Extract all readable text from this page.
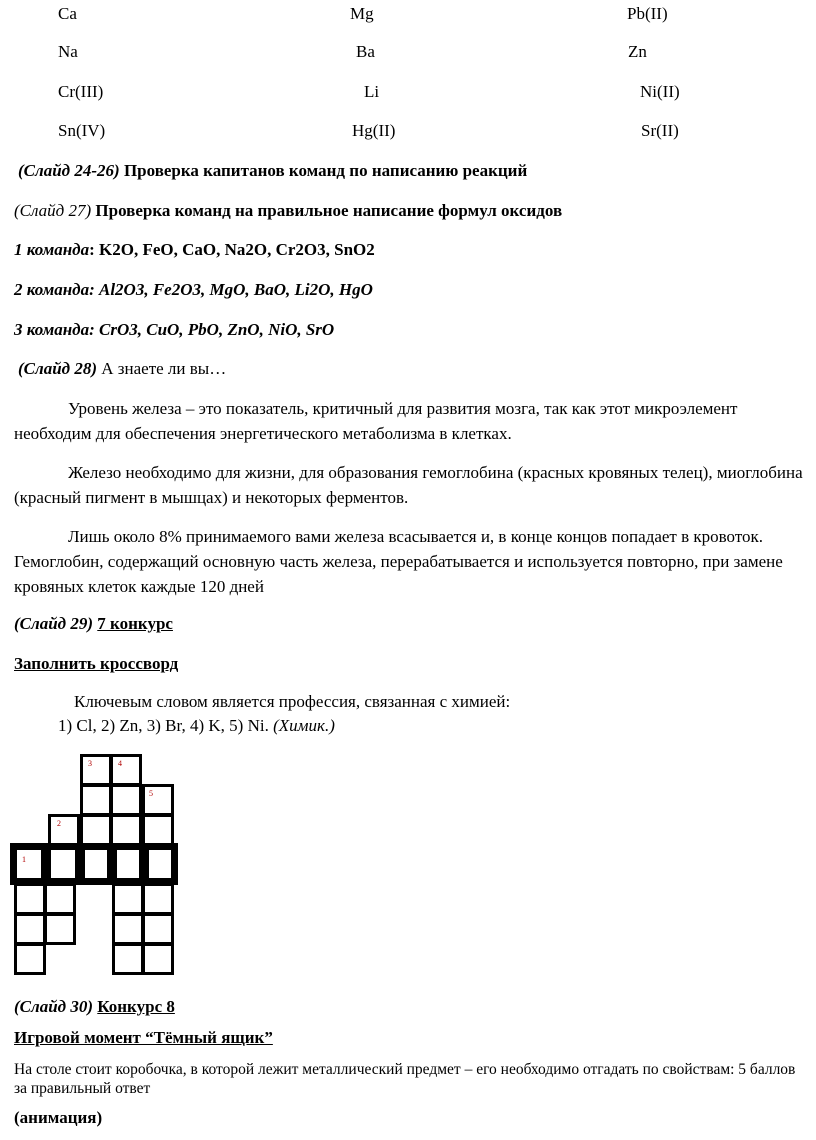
Ca	Mg	Pb(II)
Na	Ba	Zn
Cr(III)	Li	Ni(II)
Sn(IV)	Hg(II)	Sr(II)
(Слайд 24-26) Проверка капитанов команд по написанию реакций
(Слайд 27) Проверка команд на правильное написание формул оксидов
1 команда: K2O, FeO, CaO, Na2O, Cr2O3, SnO2
2 команда: Al2O3, Fe2O3, MgO, BaO, Li2O, HgO
3 команда: CrO3, CuO, PbO, ZnO, NiO, SrO
(Слайд 28) А знаете ли вы…
Уровень железа – это показатель, критичный для развития мозга, так как этот микроэлемент необходим для обеспечения энергетического метаболизма в клетках.
Железо необходимо для жизни, для образования гемоглобина (красных кровяных телец), миоглобина (красный пигмент в мышцах) и некоторых ферментов.
Лишь около 8% принимаемого вами железа всасывается и, в конце концов попадает в кровоток. Гемоглобин, содержащий основную часть железа, перерабатывается и используется повторно, при замене кровяных клеток каждые 120 дней
(Слайд 29) 7 конкурс
Заполнить кроссворд
Ключевым словом является профессия, связанная с химией:
1) Cl, 2) Zn, 3) Вr, 4) K, 5) Ni. (Химик.)
1
2
3	4
5
(Слайд 30) Конкурс 8
Игровой момент “Тёмный ящик”
На столе стоит коробочка, в которой лежит металлический предмет – его необходимо отгадать по свойствам: 5 баллов за правильный ответ
(анимация)
